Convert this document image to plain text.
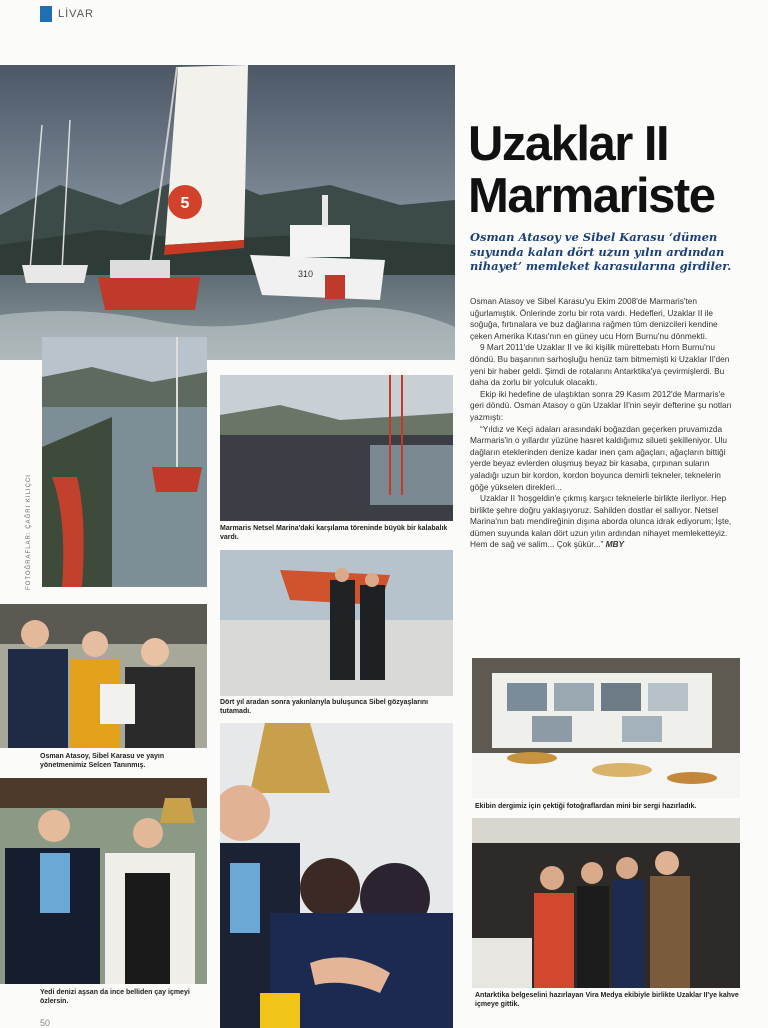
LİVAR
5
310
Uzaklar II
Marmariste
Osman Atasoy ve Sibel Karasu ‘dümen suyunda kalan dört uzun yılın ardından nihayet’ memleket karasularına girdiler.

Osman Atasoy ve Sibel Karasu'yu Ekim 2008'de Marmaris'ten uğurlamıştık. Önlerinde zorlu bir rota vardı. Hedefleri, Uzaklar II ile soğuğa, fırtınalara ve buz dağlarına rağmen tüm denizcileri kendine çeken Amerika Kıtası'nın en güney ucu Horn Burnu'nu dönmekti.

9 Mart 2011'de Uzaklar II ve iki kişilik mürettebatı Horn Burnu'nu döndü. Bu başarının sarhoşluğu henüz tam bitmemişti ki Uzaklar II'den yeni bir haber geldi. Şimdi de rotalarını Antarktika'ya çevirmişlerdi. Bu daha da zorlu bir yolculuk olacaktı.

Ekip iki hedefine de ulaştıktan sonra 29 Kasım 2012'de Marmaris'e geri döndü. Osman Atasoy o gün Uzaklar II'nin seyir defterine şu notları yazmıştı:

“Yıldız ve Keçi adaları arasındaki boğazdan geçerken pruvamızda Marmaris'in o yıllardır yüzüne hasret kaldığımız silueti şekilleniyor. Ulu dağların eteklerinden denize kadar inen çam ağaçları, ağaçların bittiği yerde beyaz evlerden oluşmuş beyaz bir kasaba, çırpınan suların yaladığı uzun bir kordon, kordon boyunca demirli tekneler, teknelerin göğe yükselen direkleri...

Uzaklar II 'hoşgeldin'e çıkmış karşıcı teknelerle birlikte ilerliyor. Hep birlikte şehre doğru yaklaşıyoruz. Sahilden dostlar el sallıyor. Netsel Marina'nın batı mendireğinin dışına aborda olunca idrak ediyorum; İşte, dümen suyunda kalan dört uzun yılın ardından nihayet memleketteyiz. Hem de sağ ve salim... Çok şükür...” MBY

Marmaris Netsel Marina'daki karşılama töreninde büyük bir kalabalık vardı.
Osman Atasoy, Sibel Karasu ve yayın yönetmenimiz Selcen Tanınmış.
Dört yıl aradan sonra yakınlarıyla buluşunca Sibel gözyaşlarını tutamadı.
Yedi denizi aşsan da ince belliden çay içmeyi özlersin.
Ekibin dergimiz için çektiği fotoğraflardan mini bir sergi hazırladık.
Antarktika belgeselini hazırlayan Vira Medya ekibiyle birlikte Uzaklar II'ye kahve içmeye gittik.
FOTOĞRAFLAR: ÇAĞRI KILIÇCI
50
